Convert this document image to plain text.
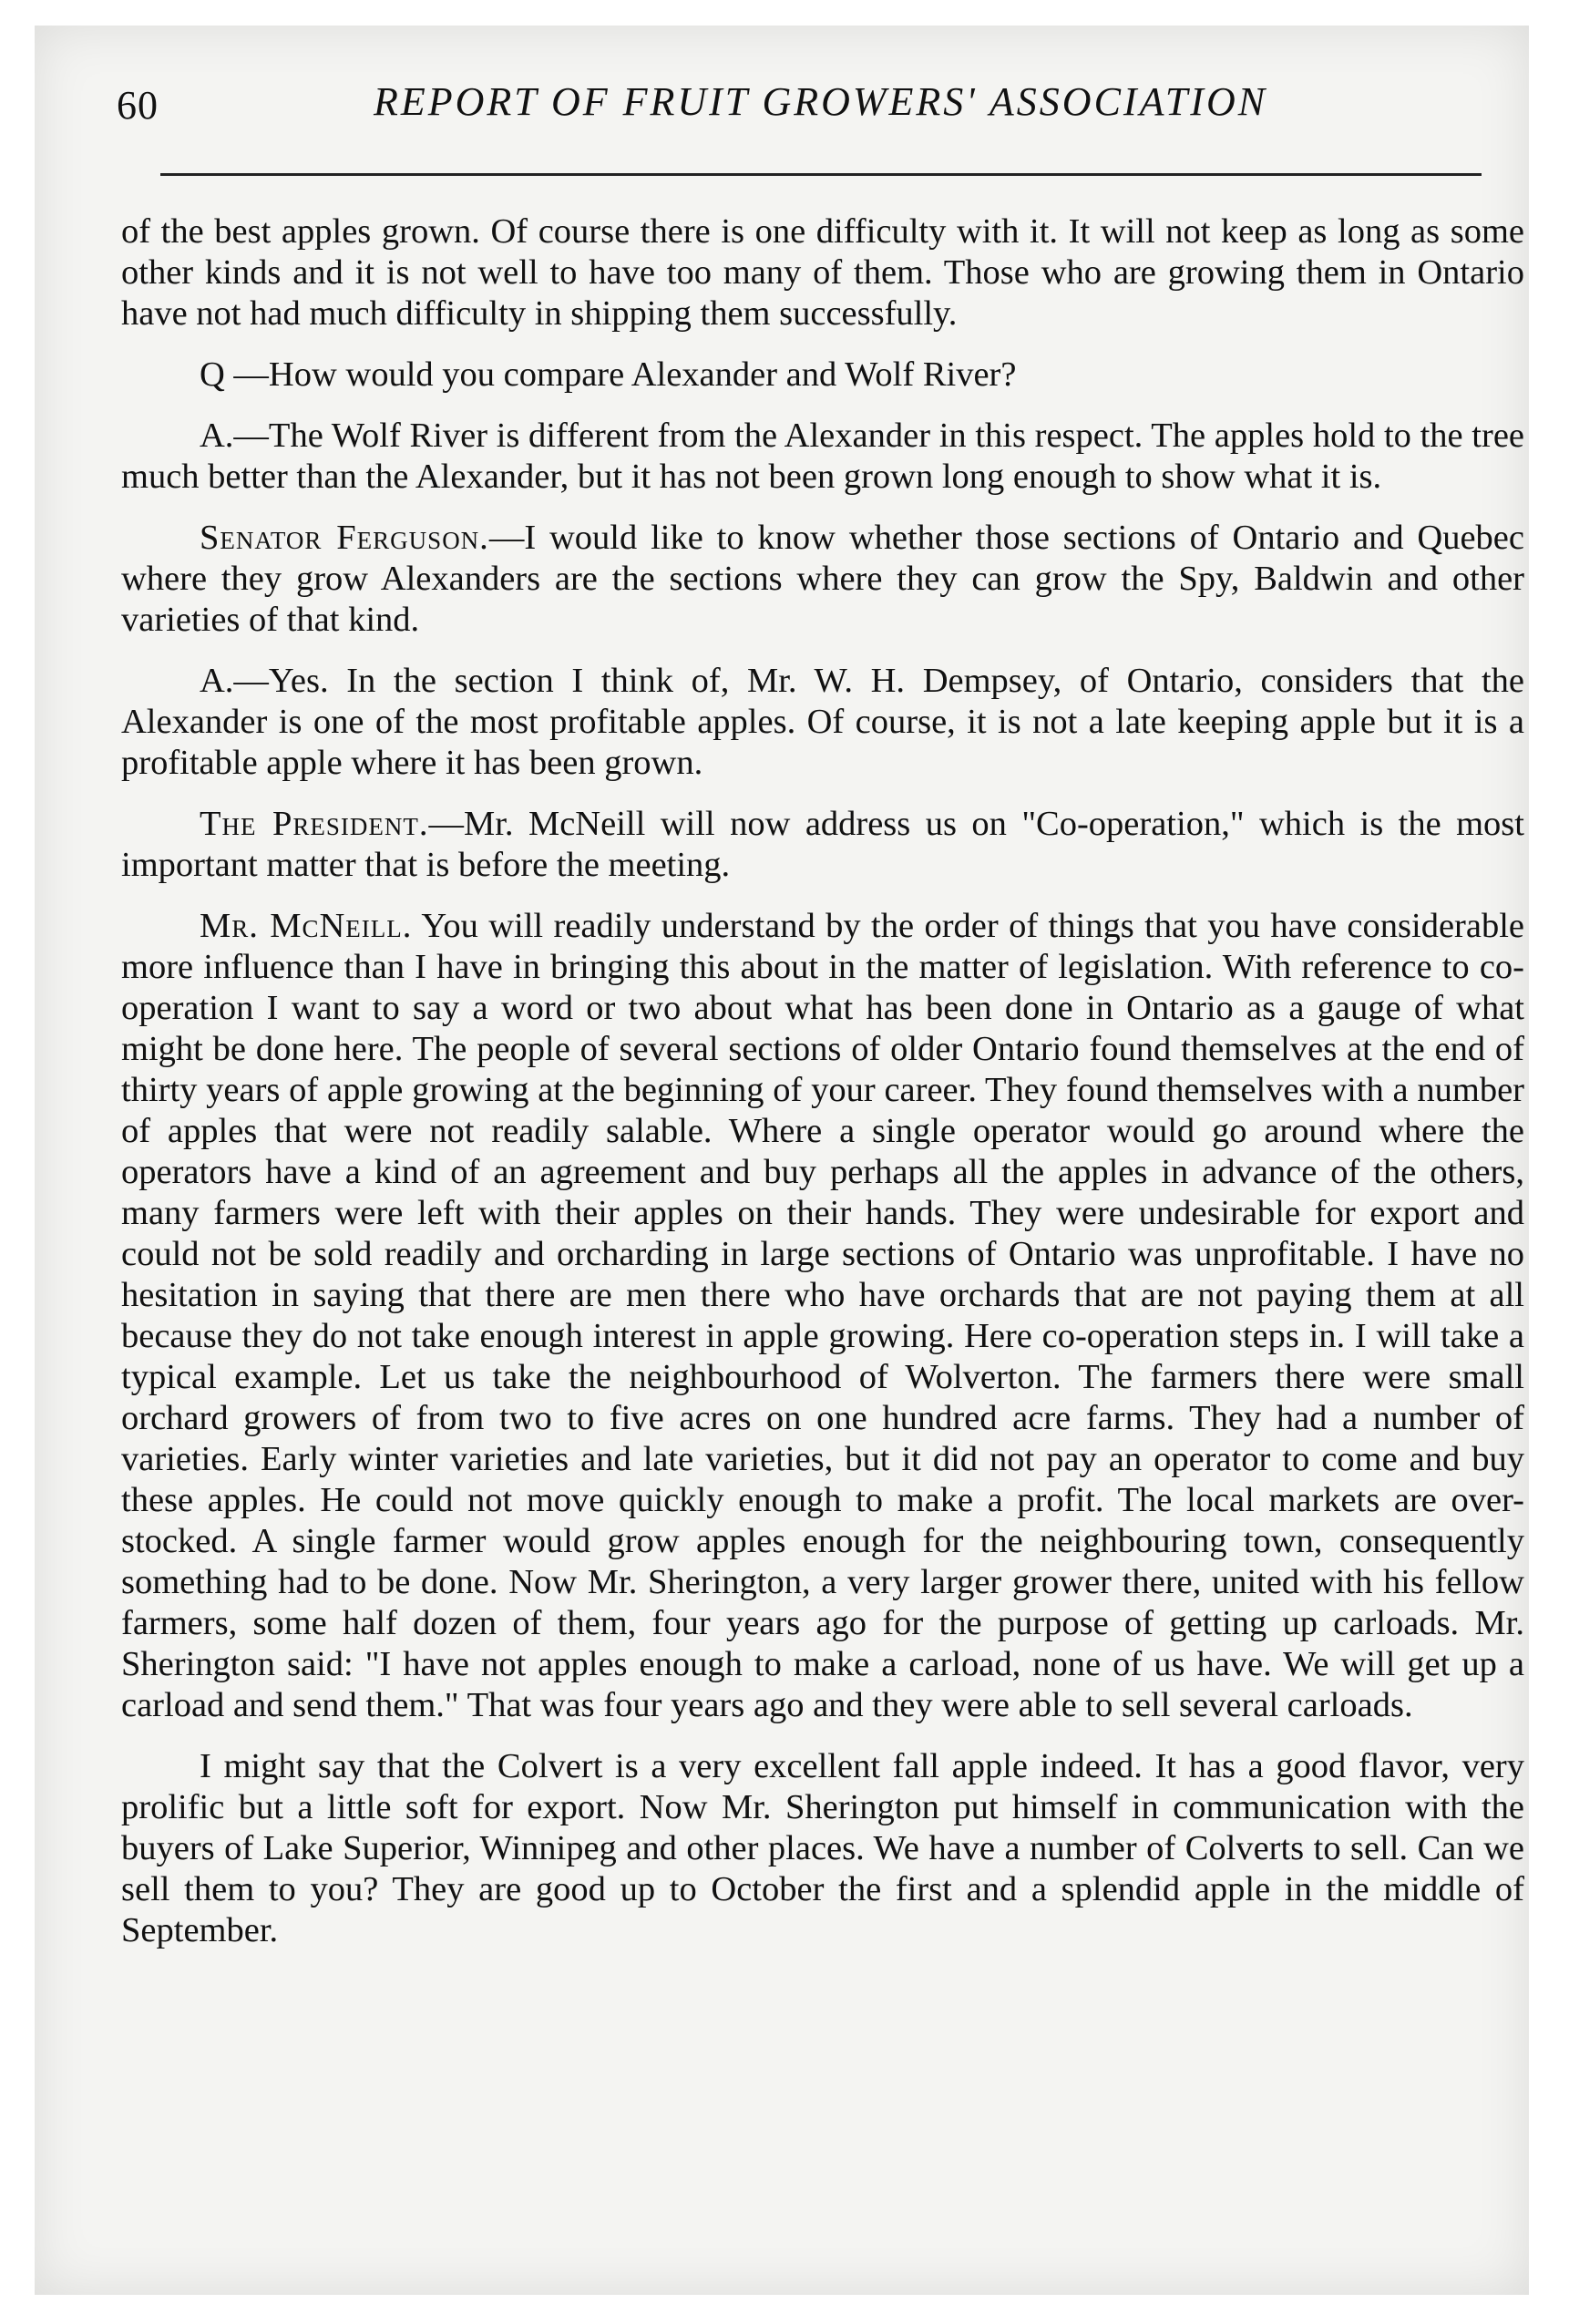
60	REPORT OF FRUIT GROWERS' ASSOCIATION

of the best apples grown. Of course there is one difficulty with it. It will not keep as long as some other kinds and it is not well to have too many of them. Those who are growing them in Ontario have not had much difficulty in shipping them successfully.

Q —How would you compare Alexander and Wolf River?

A.—The Wolf River is different from the Alexander in this respect. The apples hold to the tree much better than the Alexander, but it has not been grown long enough to show what it is.

Senator Ferguson.—I would like to know whether those sections of Ontario and Quebec where they grow Alexanders are the sections where they can grow the Spy, Baldwin and other varieties of that kind.

A.—Yes. In the section I think of, Mr. W. H. Dempsey, of Ontario, considers that the Alexander is one of the most profitable apples. Of course, it is not a late keeping apple but it is a profitable apple where it has been grown.

The President.—Mr. McNeill will now address us on "Co-operation," which is the most important matter that is before the meeting.

Mr. McNeill. You will readily understand by the order of things that you have considerable more influence than I have in bringing this about in the matter of legislation. With reference to co-operation I want to say a word or two about what has been done in Ontario as a gauge of what might be done here. The people of several sections of older Ontario found themselves at the end of thirty years of apple growing at the beginning of your career. They found themselves with a number of apples that were not readily salable. Where a single operator would go around where the operators have a kind of an agreement and buy perhaps all the apples in advance of the others, many farmers were left with their apples on their hands. They were undesirable for export and could not be sold readily and orcharding in large sections of Ontario was unprofitable. I have no hesitation in saying that there are men there who have orchards that are not paying them at all because they do not take enough interest in apple growing. Here co-operation steps in. I will take a typical example. Let us take the neighbourhood of Wolverton. The farmers there were small orchard growers of from two to five acres on one hundred acre farms. They had a number of varieties. Early winter varieties and late varieties, but it did not pay an operator to come and buy these apples. He could not move quickly enough to make a profit. The local markets are over-stocked. A single farmer would grow apples enough for the neighbouring town, consequently something had to be done. Now Mr. Sherington, a very larger grower there, united with his fellow farmers, some half dozen of them, four years ago for the purpose of getting up carloads. Mr. Sherington said: "I have not apples enough to make a carload, none of us have. We will get up a carload and send them." That was four years ago and they were able to sell several carloads.

I might say that the Colvert is a very excellent fall apple indeed. It has a good flavor, very prolific but a little soft for export. Now Mr. Sherington put himself in communication with the buyers of Lake Superior, Winnipeg and other places. We have a number of Colverts to sell. Can we sell them to you? They are good up to October the first and a splendid apple in the middle of September.
